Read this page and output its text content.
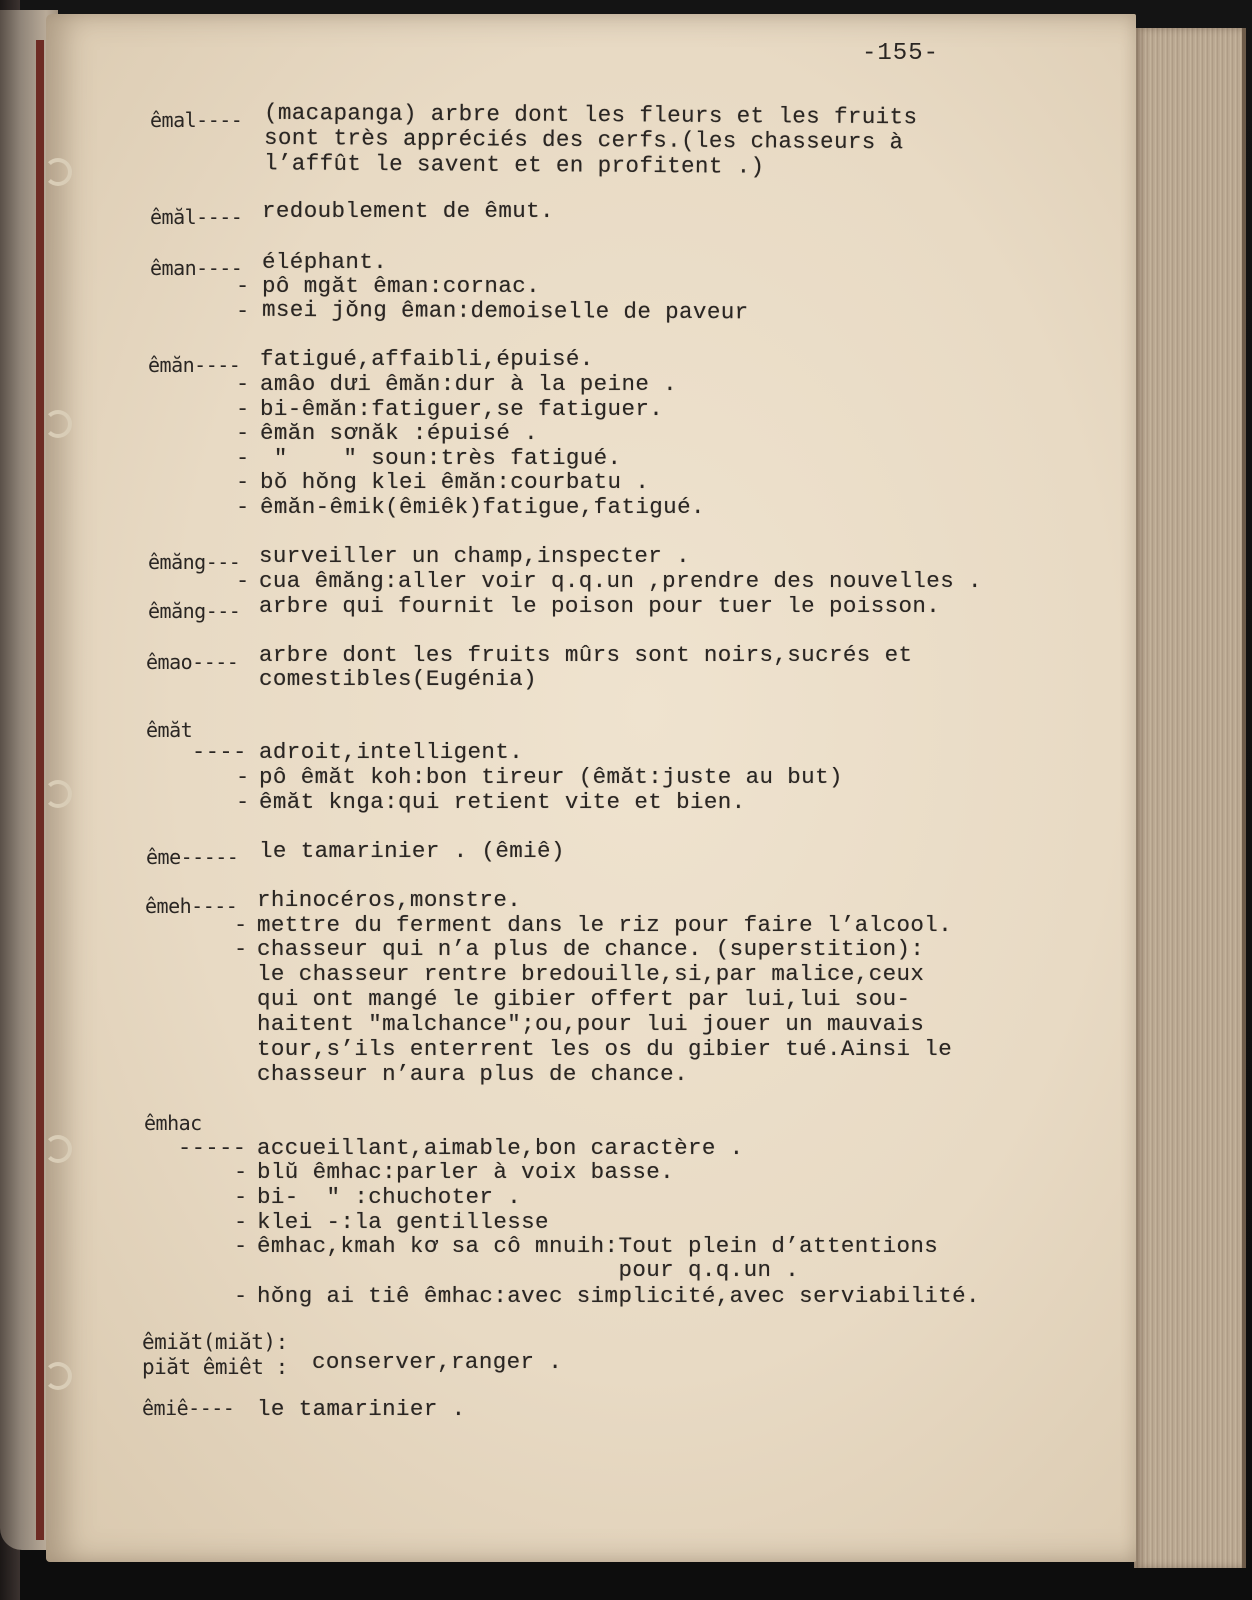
-155-
êmal---- (macapanga) arbre dont les fleurs et les fruits
sont très appréciés des cerfs.(les chasseurs à
l’affût le savent et en profitent .)
êmăl---- redoublement de êmut.
êman---- éléphant.
- pô mgăt êman:cornac.
- msei jǒng êman:demoiselle de paveur
êmăn---- fatigué,affaibli,épuisé.
- amâo dưi êmăn:dur à la peine .
- bi-êmăn:fatiguer,se fatiguer.
- êmăn sơnăk :épuisé .
- "    " soun:très fatigué.
- bǒ hǒng klei êmăn:courbatu .
- êmăn-êmik(êmiêk)fatigue,fatigué.
êmăng--- surveiller un champ,inspecter .
- cua êmăng:aller voir q.q.un ,prendre des nouvelles .
êmăng--- arbre qui fournit le poison pour tuer le poisson.
êmao---- arbre dont les fruits mûrs sont noirs,sucrés et
comestibles(Eugénia)
êmăt
---- adroit,intelligent.
- pô êmăt koh:bon tireur (êmăt:juste au but)
- êmăt knga:qui retient vite et bien.
ême----- le tamarinier . (êmiê)
êmeh---- rhinocéros,monstre.
- mettre du ferment dans le riz pour faire l’alcool.
- chasseur qui n’a plus de chance. (superstition):
le chasseur rentre bredouille,si,par malice,ceux
qui ont mangé le gibier offert par lui,lui sou-
haitent "malchance";ou,pour lui jouer un mauvais
tour,s’ils enterrent les os du gibier tué.Ainsi le
chasseur n’aura plus de chance.
êmhac
----- accueillant,aimable,bon caractère .
- blŭ êmhac:parler à voix basse.
- bi-  " :chuchoter .
- klei -:la gentillesse
- êmhac,kmah kơ sa cô mnuih:Tout plein d’attentions
pour q.q.un .
- hǒng ai tiê êmhac:avec simplicité,avec serviabilité.
êmiăt(miăt):
piăt êmiêt : conserver,ranger .
êmiê---- le tamarinier .
